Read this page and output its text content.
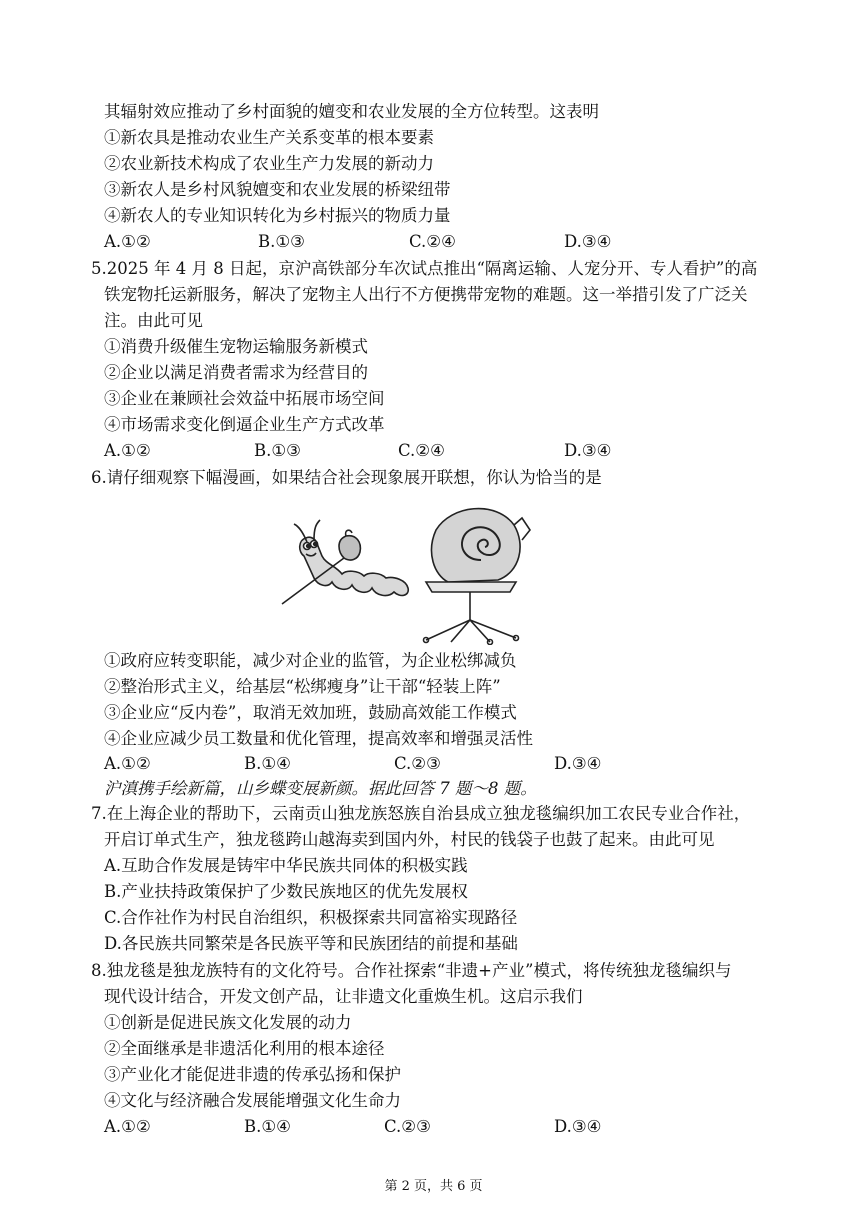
其辐射效应推动了乡村面貌的嬗变和农业发展的全方位转型。这表明
①新农具是推动农业生产关系变革的根本要素
②农业新技术构成了农业生产力发展的新动力
③新农人是乡村风貌嬗变和农业发展的桥梁纽带
④新农人的专业知识转化为乡村振兴的物质力量
A.①②	B.①③	C.②④	D.③④
5.2025 年 4 月 8 日起，京沪高铁部分车次试点推出“隔离运输、人宠分开、专人看护”的高
铁宠物托运新服务，解决了宠物主人出行不方便携带宠物的难题。这一举措引发了广泛关
注。由此可见
①消费升级催生宠物运输服务新模式
②企业以满足消费者需求为经营目的
③企业在兼顾社会效益中拓展市场空间
④市场需求变化倒逼企业生产方式改革
A.①②	B.①③	C.②④	D.③④
6.请仔细观察下幅漫画，如果结合社会现象展开联想，你认为恰当的是
①政府应转变职能，减少对企业的监管，为企业松绑减负
②整治形式主义，给基层“松绑瘦身”让干部“轻装上阵”
③企业应“反内卷”，取消无效加班，鼓励高效能工作模式
④企业应减少员工数量和优化管理，提高效率和增强灵活性
A.①②	B.①④	C.②③	D.③④
沪滇携手绘新篇，山乡蝶变展新颜。据此回答 7 题～8 题。
7.在上海企业的帮助下，云南贡山独龙族怒族自治县成立独龙毯编织加工农民专业合作社，
开启订单式生产，独龙毯跨山越海卖到国内外，村民的钱袋子也鼓了起来。由此可见
A.互助合作发展是铸牢中华民族共同体的积极实践
B.产业扶持政策保护了少数民族地区的优先发展权
C.合作社作为村民自治组织，积极探索共同富裕实现路径
D.各民族共同繁荣是各民族平等和民族团结的前提和基础
8.独龙毯是独龙族特有的文化符号。合作社探索“非遗+产业”模式，将传统独龙毯编织与
现代设计结合，开发文创产品，让非遗文化重焕生机。这启示我们
①创新是促进民族文化发展的动力
②全面继承是非遗活化利用的根本途径
③产业化才能促进非遗的传承弘扬和保护
④文化与经济融合发展能增强文化生命力
A.①②	B.①④	C.②③	D.③④
第 2 页，共 6 页
